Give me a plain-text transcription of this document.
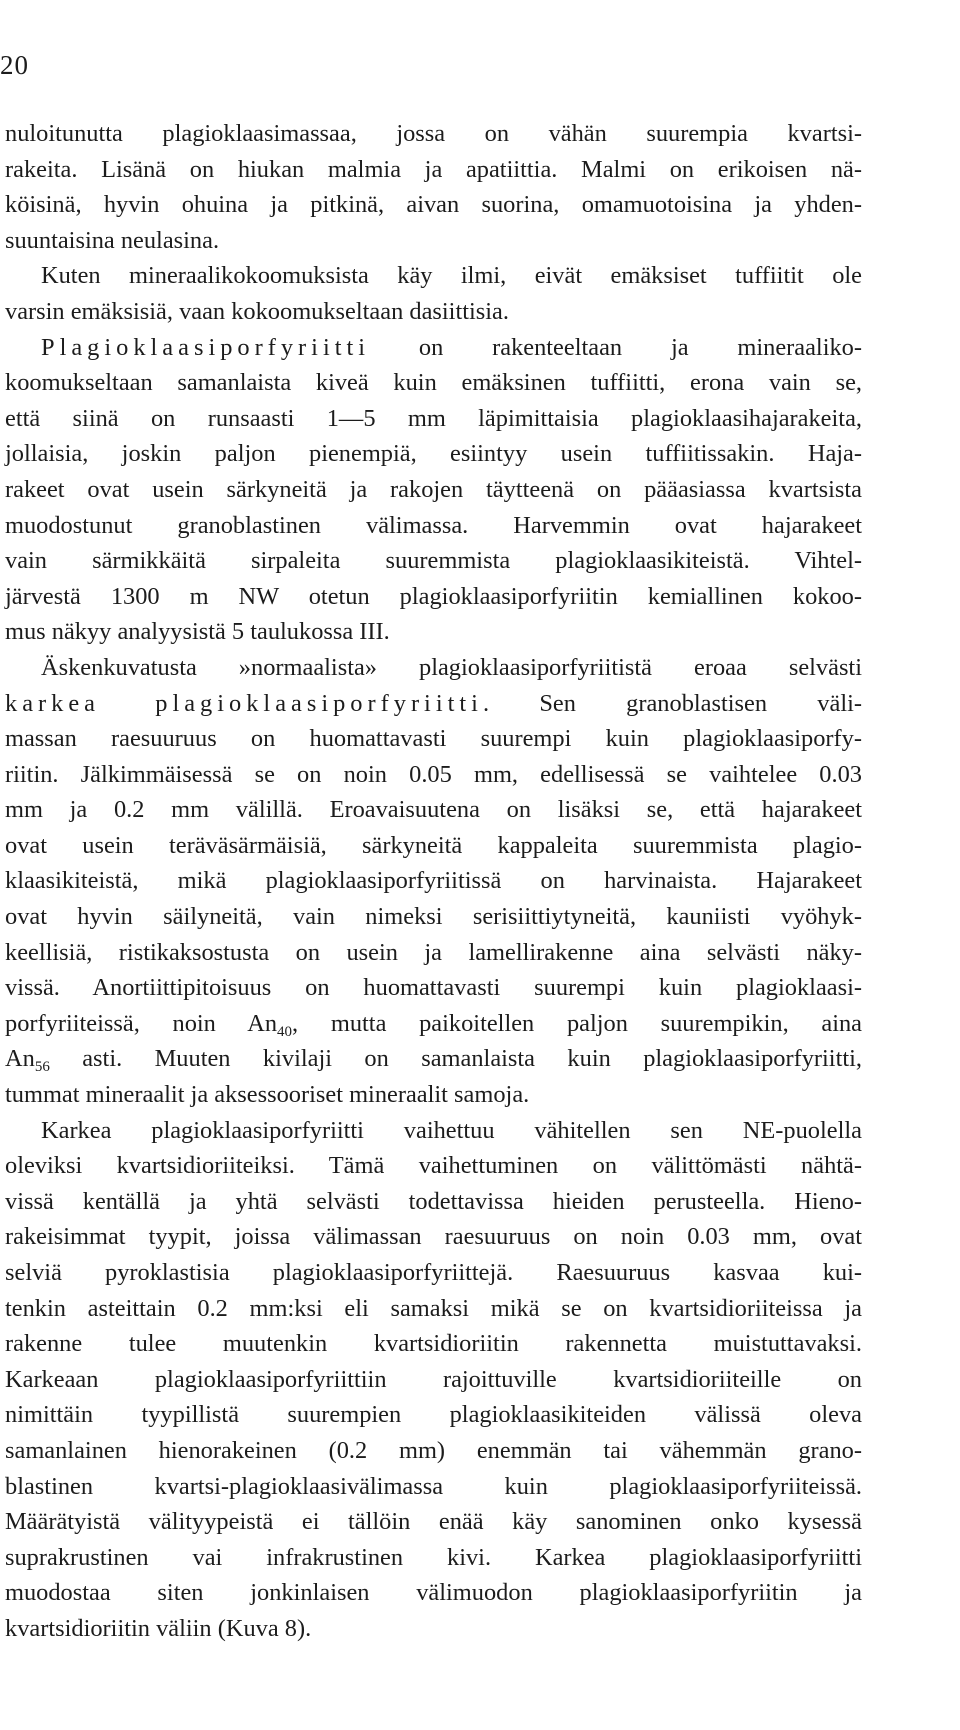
20
nuloitunutta plagioklaasimassaa, jossa on vähän suurempia kvartsi-
rakeita. Lisänä on hiukan malmia ja apatiittia. Malmi on erikoisen nä-
köisinä, hyvin ohuina ja pitkinä, aivan suorina, omamuotoisina ja yhden-
suuntaisina neulasina.
Kuten mineraalikokoomuksista käy ilmi, eivät emäksiset tuffiitit ole
varsin emäksisiä, vaan kokoomukseltaan dasiittisia.
Plagioklaasiporfyriitti on rakenteeltaan ja mineraaliko-
koomukseltaan samanlaista kiveä kuin emäksinen tuffiitti, erona vain se,
että siinä on runsaasti 1—5 mm läpimittaisia plagioklaasihajarakeita,
jollaisia, joskin paljon pienempiä, esiintyy usein tuffiitissakin. Haja-
rakeet ovat usein särkyneitä ja rakojen täytteenä on pääasiassa kvartsista
muodostunut granoblastinen välimassa. Harvemmin ovat hajarakeet
vain särmikkäitä sirpaleita suuremmista plagioklaasikiteistä. Vihtel-
järvestä 1300 m NW otetun plagioklaasiporfyriitin kemiallinen kokoo-
mus näkyy analyysistä 5 taulukossa III.
Äskenkuvatusta »normaalista» plagioklaasiporfyriitistä eroaa selvästi
karkea plagioklaasiporfyriitti. Sen granoblastisen väli-
massan raesuuruus on huomattavasti suurempi kuin plagioklaasiporfy-
riitin. Jälkimmäisessä se on noin 0.05 mm, edellisessä se vaihtelee 0.03
mm ja 0.2 mm välillä. Eroavaisuutena on lisäksi se, että hajarakeet
ovat usein teräväsärmäisiä, särkyneitä kappaleita suuremmista plagio-
klaasikiteistä, mikä plagioklaasiporfyriitissä on harvinaista. Hajarakeet
ovat hyvin säilyneitä, vain nimeksi serisiittiytyneitä, kauniisti vyöhyk-
keellisiä, ristikaksostusta on usein ja lamellirakenne aina selvästi näky-
vissä. Anortiittipitoisuus on huomattavasti suurempi kuin plagioklaasi-
porfyriiteissä, noin $An_{40}$, mutta paikoitellen paljon suurempikin, aina
$An_{56}$ asti. Muuten kivilaji on samanlaista kuin plagioklaasiporfyriitti,
tummat mineraalit ja aksessooriset mineraalit samoja.
Karkea plagioklaasiporfyriitti vaihettuu vähitellen sen NE-puolella
oleviksi kvartsidioriiteiksi. Tämä vaihettuminen on välittömästi nähtä-
vissä kentällä ja yhtä selvästi todettavissa hieiden perusteella. Hieno-
rakeisimmat tyypit, joissa välimassan raesuuruus on noin 0.03 mm, ovat
selviä pyroklastisia plagioklaasiporfyriittejä. Raesuuruus kasvaa kui-
tenkin asteittain 0.2 mm:ksi eli samaksi mikä se on kvartsidioriiteissa ja
rakenne tulee muutenkin kvartsidioriitin rakennetta muistuttavaksi.
Karkeaan plagioklaasiporfyriittiin rajoittuville kvartsidioriiteille on
nimittäin tyypillistä suurempien plagioklaasikiteiden välissä oleva
samanlainen hienorakeinen (0.2 mm) enemmän tai vähemmän grano-
blastinen kvartsi-plagioklaasivälimassa kuin plagioklaasiporfyriiteissä.
Määrätyistä välityypeistä ei tällöin enää käy sanominen onko kysessä
suprakrustinen vai infrakrustinen kivi. Karkea plagioklaasiporfyriitti
muodostaa siten jonkinlaisen välimuodon plagioklaasiporfyriitin ja
kvartsidioriitin väliin (Kuva 8).
